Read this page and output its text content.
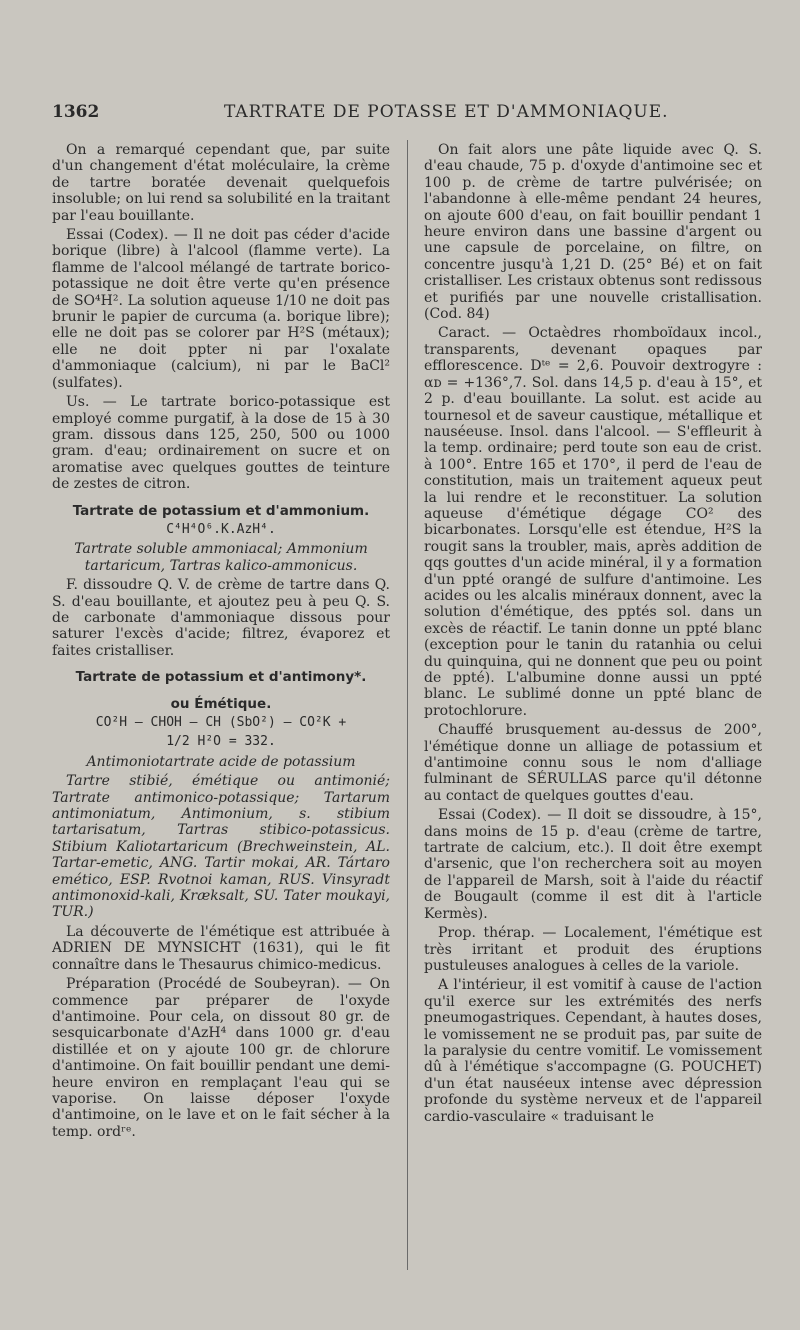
1362	TARTRATE DE POTASSE ET D'AMMONIAQUE.

On a remarqué cependant que, par suite d'un changement d'état moléculaire, la crème de tartre boratée devenait quelquefois insoluble; on lui rend sa solubilité en la traitant par l'eau bouillante.

Essai (Codex). — Il ne doit pas céder d'acide borique (libre) à l'alcool (flamme verte). La flamme de l'alcool mélangé de tartrate borico-potassique ne doit être verte qu'en présence de SO⁴H². La solution aqueuse 1/10 ne doit pas brunir le papier de curcuma (a. borique libre); elle ne doit pas se colorer par H²S (métaux); elle ne doit ppter ni par l'oxalate d'ammoniaque (calcium), ni par le BaCl² (sulfates).

Us. — Le tartrate borico-potassique est employé comme purgatif, à la dose de 15 à 30 gram. dissous dans 125, 250, 500 ou 1000 gram. d'eau; ordinairement on sucre et on aromatise avec quelques gouttes de teinture de zestes de citron.

Tartrate de potassium et d'ammonium.

C⁴H⁴O⁶.K.AzH⁴.

Tartrate soluble ammoniacal; Ammonium tartaricum, Tartras kalico-ammonicus.

F. dissoudre Q. V. de crème de tartre dans Q. S. d'eau bouillante, et ajoutez peu à peu Q. S. de carbonate d'ammoniaque dissous pour saturer l'excès d'acide; filtrez, évaporez et faites cristalliser.

Tartrate de potassium et d'antimony*.

ou Émétique.

CO²H — CHOH — CH (SbO²) — CO²K +

1/2 H²O = 332.

Antimoniotartrate acide de potassium

Tartre stibié, émétique ou antimonié; Tartrate antimonico-potassique; Tartarum antimoniatum, Antimonium, s. stibium tartarisatum, Tartras stibico-potassicus. Stibium Kaliotartaricum (Brechweinstein, AL. Tartar-emetic, ANG. Tartir mokai, AR. Tártaro emético, ESP. Rvotnoi kaman, RUS. Vinsyradt antimonoxid-kali, Kræksalt, SU. Tater moukayi, TUR.)

La découverte de l'émétique est attribuée à ADRIEN DE MYNSICHT (1631), qui le fit connaître dans le Thesaurus chimico-medicus.

Préparation (Procédé de Soubeyran). — On commence par préparer de l'oxyde d'antimoine. Pour cela, on dissout 80 gr. de sesquicarbonate d'AzH⁴ dans 1000 gr. d'eau distillée et on y ajoute 100 gr. de chlorure d'antimoine. On fait bouillir pendant une demi-heure environ en remplaçant l'eau qui se vaporise. On laisse déposer l'oxyde d'antimoine, on le lave et on le fait sécher à la temp. ordʳᵉ.

On fait alors une pâte liquide avec Q. S. d'eau chaude, 75 p. d'oxyde d'antimoine sec et 100 p. de crème de tartre pulvérisée; on l'abandonne à elle-même pendant 24 heures, on ajoute 600 d'eau, on fait bouillir pendant 1 heure environ dans une bassine d'argent ou une capsule de porcelaine, on filtre, on concentre jusqu'à 1,21 D. (25° Bé) et on fait cristalliser. Les cristaux obtenus sont redissous et purifiés par une nouvelle cristallisation. (Cod. 84)

Caract. — Octaèdres rhomboïdaux incol., transparents, devenant opaques par efflorescence. Dᵗᵉ = 2,6. Pouvoir dextrogyre : αᴅ = +136°,7. Sol. dans 14,5 p. d'eau à 15°, et 2 p. d'eau bouillante. La solut. est acide au tournesol et de saveur caustique, métallique et nauséeuse. Insol. dans l'alcool. — S'effleurit à la temp. ordinaire; perd toute son eau de crist. à 100°. Entre 165 et 170°, il perd de l'eau de constitution, mais un traitement aqueux peut la lui rendre et le reconstituer. La solution aqueuse d'émétique dégage CO² des bicarbonates. Lorsqu'elle est étendue, H²S la rougit sans la troubler, mais, après addition de qqs gouttes d'un acide minéral, il y a formation d'un ppté orangé de sulfure d'antimoine. Les acides ou les alcalis minéraux donnent, avec la solution d'émétique, des pptés sol. dans un excès de réactif. Le tanin donne un ppté blanc (exception pour le tanin du ratanhia ou celui du quinquina, qui ne donnent que peu ou point de ppté). L'albumine donne aussi un ppté blanc. Le sublimé donne un ppté blanc de protochlorure.

Chauffé brusquement au-dessus de 200°, l'émétique donne un alliage de potassium et d'antimoine connu sous le nom d'alliage fulminant de SÉRULLAS parce qu'il détonne au contact de quelques gouttes d'eau.

Essai (Codex). — Il doit se dissoudre, à 15°, dans moins de 15 p. d'eau (crème de tartre, tartrate de calcium, etc.). Il doit être exempt d'arsenic, que l'on recherchera soit au moyen de l'appareil de Marsh, soit à l'aide du réactif de Bougault (comme il est dit à l'article Kermès).

Prop. thérap. — Localement, l'émétique est très irritant et produit des éruptions pustuleuses analogues à celles de la variole.

A l'intérieur, il est vomitif à cause de l'action qu'il exerce sur les extrémités des nerfs pneumogastriques. Cependant, à hautes doses, le vomissement ne se produit pas, par suite de la paralysie du centre vomitif. Le vomissement dû à l'émétique s'accompagne (G. POUCHET) d'un état nauséeux intense avec dépression profonde du système nerveux et de l'appareil cardio-vasculaire « traduisant le
